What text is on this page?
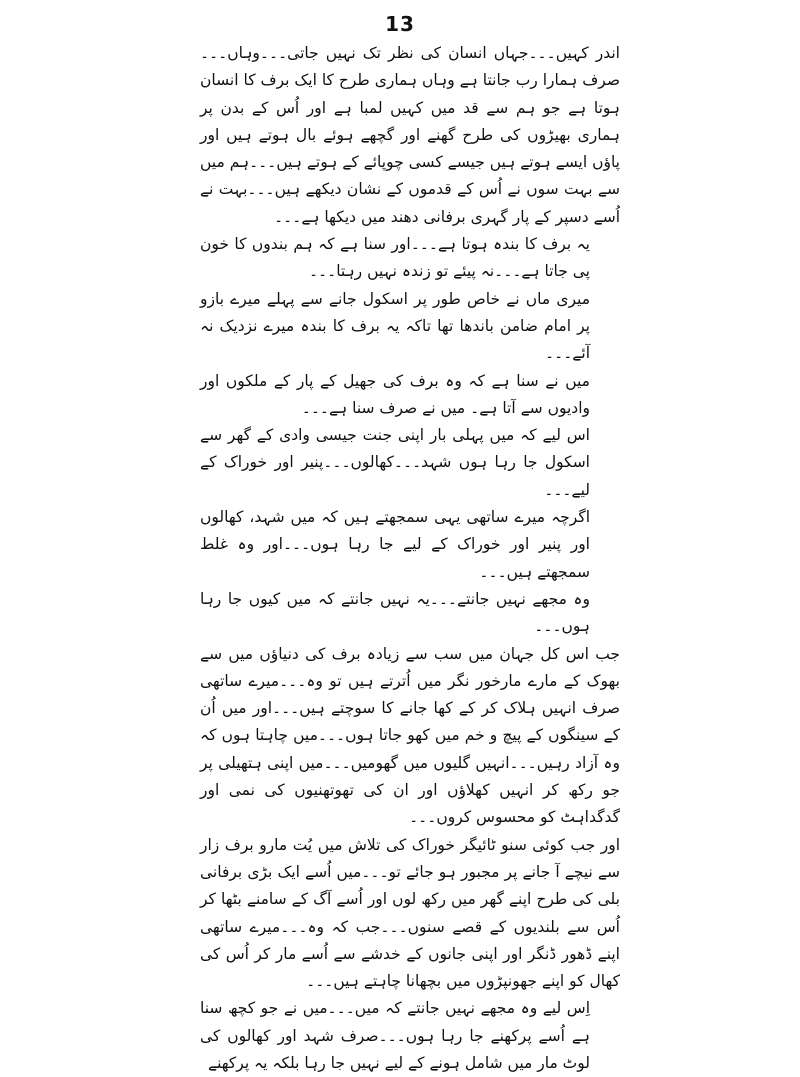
13

اندر کہیں۔۔۔جہاں انسان کی نظر تک نہیں جاتی۔۔۔وہاں۔۔۔صرف ہمارا رب جانتا ہے وہاں ہماری طرح کا ایک برف کا انسان ہوتا ہے جو ہم سے قد میں کہیں لمبا ہے اور اُس کے بدن پر ہماری بھیڑوں کی طرح گھنے اور گچھے ہوئے بال ہوتے ہیں اور پاؤں ایسے ہوتے ہیں جیسے کسی چوپائے کے ہوتے ہیں۔۔۔ہم میں سے بہت سوں نے اُس کے قدموں کے نشان دیکھے ہیں۔۔۔بہت نے اُسے دسپر کے پار گہری برفانی دھند میں دیکھا ہے۔۔۔

یہ برف کا بندہ ہوتا ہے۔۔۔اور سنا ہے کہ ہم بندوں کا خون پی جاتا ہے۔۔۔نہ پیئے تو زندہ نہیں رہتا۔۔۔

میری ماں نے خاص طور پر اسکول جانے سے پہلے میرے بازو پر امام ضامن باندھا تھا تاکہ یہ برف کا بندہ میرے نزدیک نہ آئے۔۔۔

میں نے سنا ہے کہ وہ برف کی جھیل کے پار کے ملکوں اور وادیوں سے آتا ہے۔ میں نے صرف سنا ہے۔۔۔

اس لیے کہ میں پہلی بار اپنی جنت جیسی وادی کے گھر سے اسکول جا رہا ہوں شہد۔۔۔کھالوں۔۔۔پنیر اور خوراک کے لیے۔۔۔

اگرچہ میرے ساتھی یہی سمجھتے ہیں کہ میں شہد، کھالوں اور پنیر اور خوراک کے لیے جا رہا ہوں۔۔۔اور وہ غلط سمجھتے ہیں۔۔۔

وہ مجھے نہیں جانتے۔۔۔یہ نہیں جانتے کہ میں کیوں جا رہا ہوں۔۔۔

جب اس کل جہان میں سب سے زیادہ برف کی دنیاؤں میں سے بھوک کے مارے مارخور نگر میں اُترتے ہیں تو وہ۔۔۔میرے ساتھی صرف انہیں ہلاک کر کے کھا جانے کا سوچتے ہیں۔۔۔اور میں اُن کے سینگوں کے پیچ و خم میں کھو جاتا ہوں۔۔۔میں چاہتا ہوں کہ وہ آزاد رہیں۔۔۔انہیں گلیوں میں گھومیں۔۔۔میں اپنی ہتھیلی پر جو رکھ کر انہیں کھلاؤں اور ان کی تھوتھنیوں کی نمی اور گدگداہٹ کو محسوس کروں۔۔۔

اور جب کوئی سنو ٹائیگر خوراک کی تلاش میں یُت مارو برف زار سے نیچے آ جانے پر مجبور ہو جائے تو۔۔۔میں اُسے ایک بڑی برفانی بلی کی طرح اپنے گھر میں رکھ لوں اور اُسے آگ کے سامنے بٹھا کر اُس سے بلندیوں کے قصے سنوں۔۔۔جب کہ وہ۔۔۔میرے ساتھی اپنے ڈھور ڈنگر اور اپنی جانوں کے خدشے سے اُسے مار کر اُس کی کھال کو اپنے جھونپڑوں میں بچھانا چاہتے ہیں۔۔۔

اِس لیے وہ مجھے نہیں جانتے کہ میں۔۔۔میں نے جو کچھ سنا ہے اُسے پرکھنے جا رہا ہوں۔۔۔صرف شہد اور کھالوں کی لوٹ مار میں شامل ہونے کے لیے نہیں جا رہا بلکہ یہ پرکھنے
